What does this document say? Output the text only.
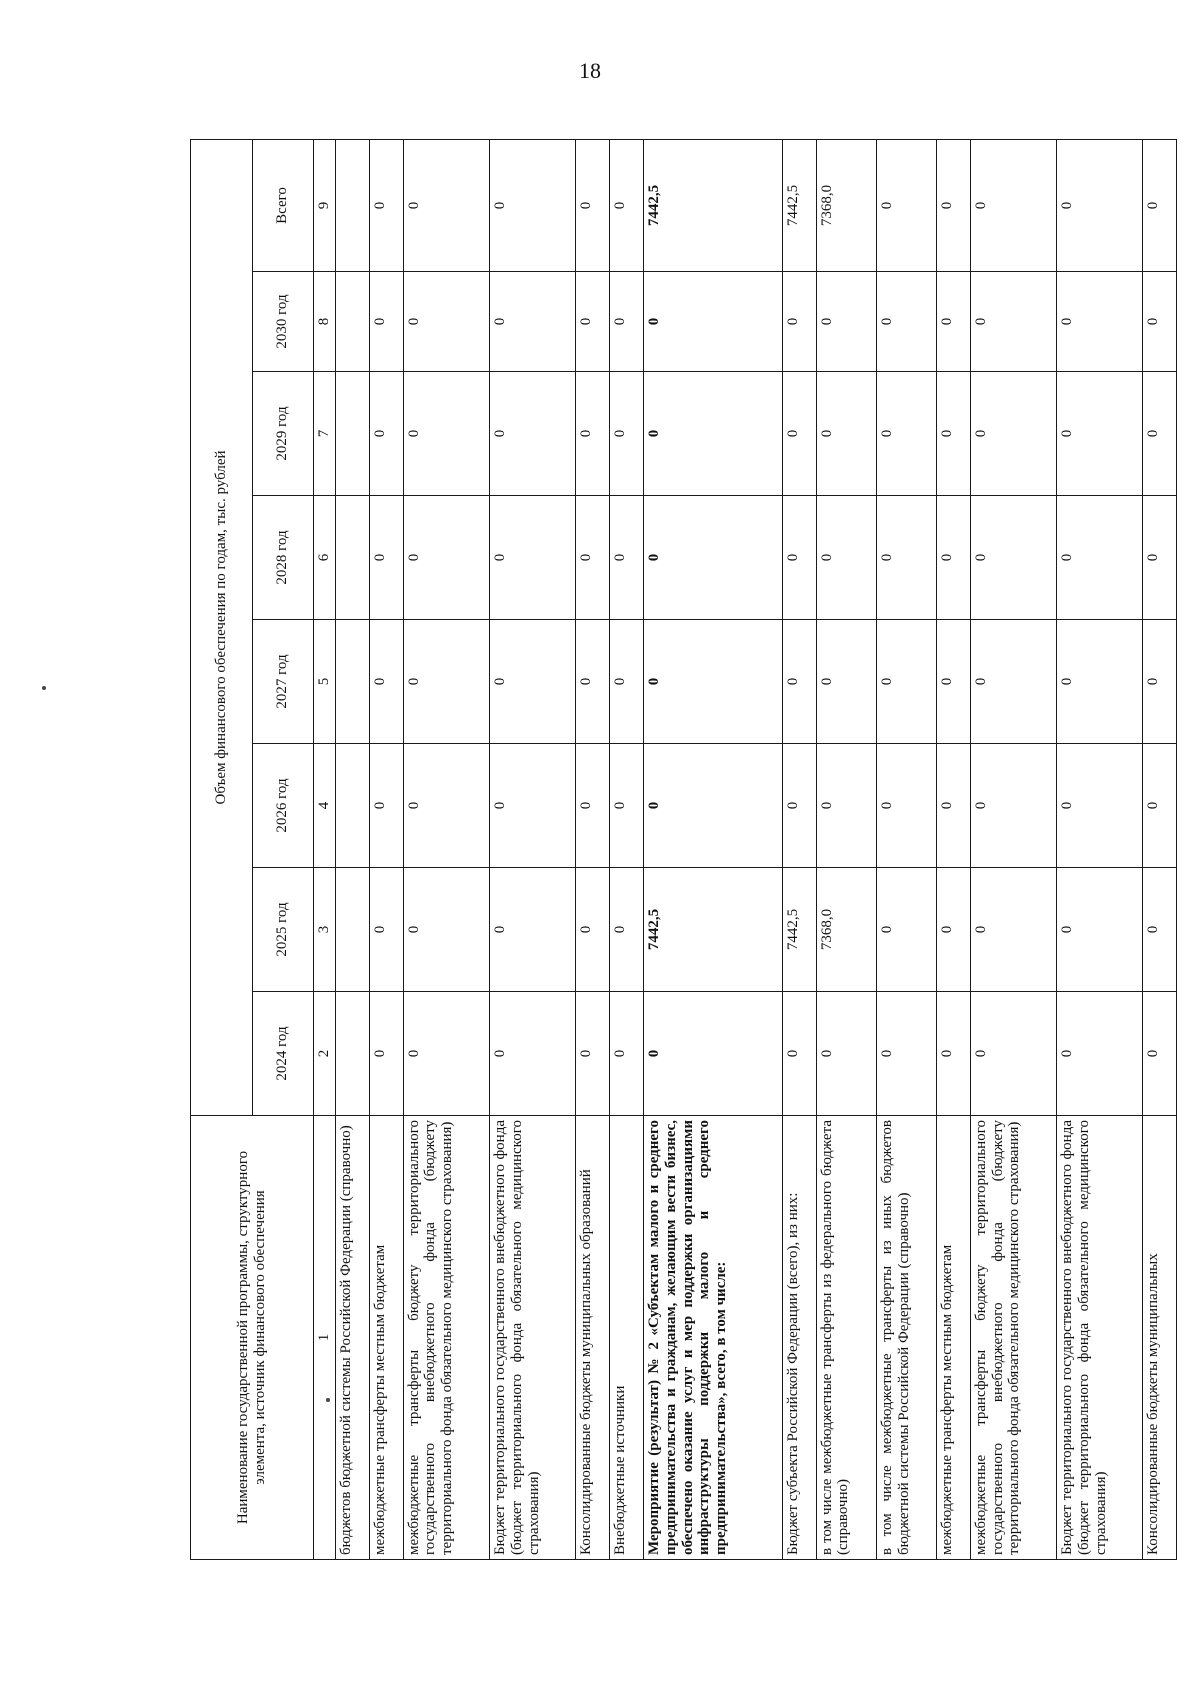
18
Наименование государственной программы, структурного элемента, источник финансового обеспечения	Объем финансового обеспечения по годам, тыс. рублей							
	2024 год	2025 год	2026 год	2027 год	2028 год	2029 год	2030 год	Всего
1	2	3	4	5	6	7	8	9
бюджетов бюджетной системы Российской Федерации (справочно)								
межбюджетные трансферты местным бюджетам	0	0	0	0	0	0	0	0
межбюджетные трансферты бюджету территориального государственного внебюджетного фонда (бюджету территориального фонда обязательного медицинского страхования)	0	0	0	0	0	0	0	0
Бюджет территориального государственного внебюджетного фонда (бюджет территориального фонда обязательного медицинского страхования)	0	0	0	0	0	0	0	0
Консолидированные бюджеты муниципальных образований	0	0	0	0	0	0	0	0
Внебюджетные источники	0	0	0	0	0	0	0	0
Мероприятие (результат) № 2 «Субъектам малого и среднего предпринимательства и гражданам, желающим вести бизнес, обеспечено оказание услуг и мер поддержки организациями инфраструктуры поддержки малого и среднего предпринимательства», всего, в том числе:	0	7442,5	0	0	0	0	0	7442,5
Бюджет субъекта Российской Федерации (всего), из них:	0	7442,5	0	0	0	0	0	7442,5
в том числе межбюджетные трансферты из федерального бюджета (справочно)	0	7368,0	0	0	0	0	0	7368,0
в том числе межбюджетные трансферты из иных бюджетов бюджетной системы Российской Федерации (справочно)	0	0	0	0	0	0	0	0
межбюджетные трансферты местным бюджетам	0	0	0	0	0	0	0	0
межбюджетные трансферты бюджету территориального государственного внебюджетного фонда (бюджету территориального фонда обязательного медицинского страхования)	0	0	0	0	0	0	0	0
Бюджет территориального государственного внебюджетного фонда (бюджет территориального фонда обязательного медицинского страхования)	0	0	0	0	0	0	0	0
Консолидированные бюджеты муниципальных	0	0	0	0	0	0	0	0
